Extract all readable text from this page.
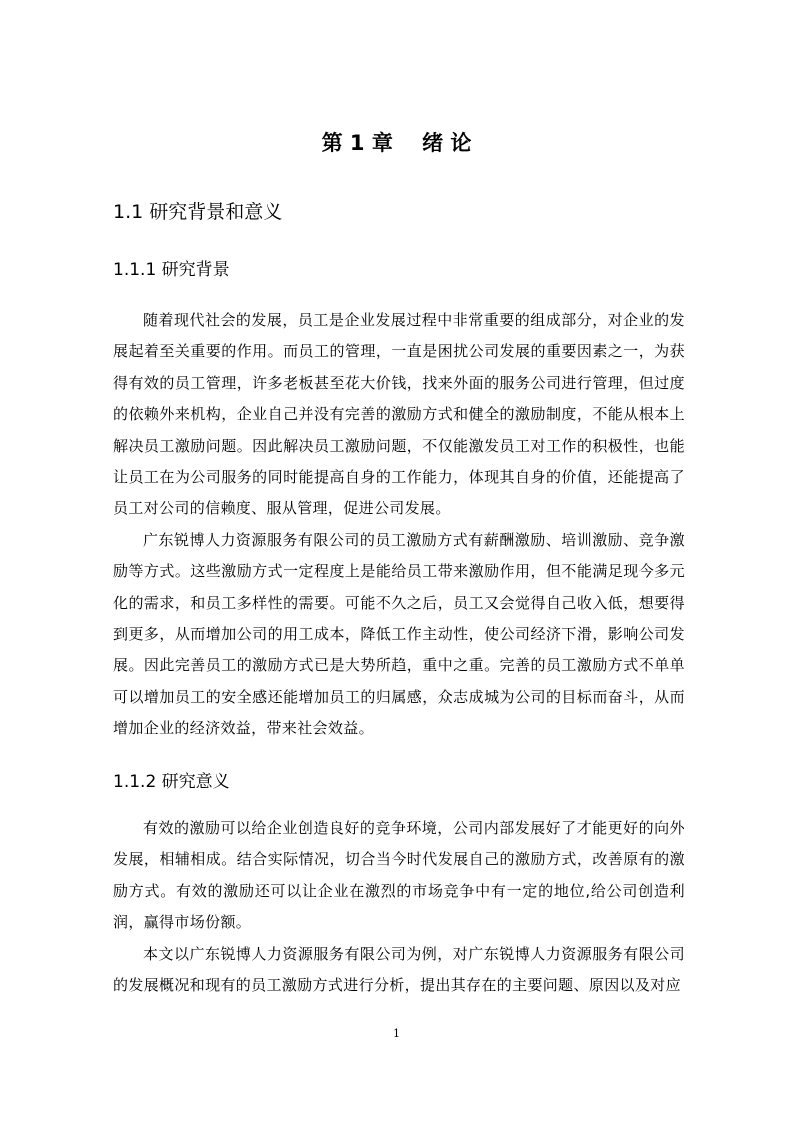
第 1 章 绪 论
1.1 研究背景和意义
1.1.1 研究背景

随着现代社会的发展，员工是企业发展过程中非常重要的组成部分，对企业的发展起着至关重要的作用。而员工的管理，一直是困扰公司发展的重要因素之一，为获得有效的员工管理，许多老板甚至花大价钱，找来外面的服务公司进行管理，但过度的依赖外来机构，企业自己并没有完善的激励方式和健全的激励制度，不能从根本上解决员工激励问题。因此解决员工激励问题，不仅能激发员工对工作的积极性，也能让员工在为公司服务的同时能提高自身的工作能力，体现其自身的价值，还能提高了员工对公司的信赖度、服从管理，促进公司发展。

广东锐博人力资源服务有限公司的员工激励方式有薪酬激励、培训激励、竞争激励等方式。这些激励方式一定程度上是能给员工带来激励作用，但不能满足现今多元化的需求，和员工多样性的需要。可能不久之后，员工又会觉得自己收入低，想要得到更多，从而增加公司的用工成本，降低工作主动性，使公司经济下滑，影响公司发展。因此完善员工的激励方式已是大势所趋，重中之重。完善的员工激励方式不单单可以增加员工的安全感还能增加员工的归属感，众志成城为公司的目标而奋斗，从而增加企业的经济效益，带来社会效益。

1.1.2 研究意义

有效的激励可以给企业创造良好的竞争环境，公司内部发展好了才能更好的向外发展，相辅相成。结合实际情况，切合当今时代发展自己的激励方式，改善原有的激励方式。有效的激励还可以让企业在激烈的市场竞争中有一定的地位,给公司创造利润，赢得市场份额。

本文以广东锐博人力资源服务有限公司为例，对广东锐博人力资源服务有限公司的发展概况和现有的员工激励方式进行分析，提出其存在的主要问题、原因以及对应

1
